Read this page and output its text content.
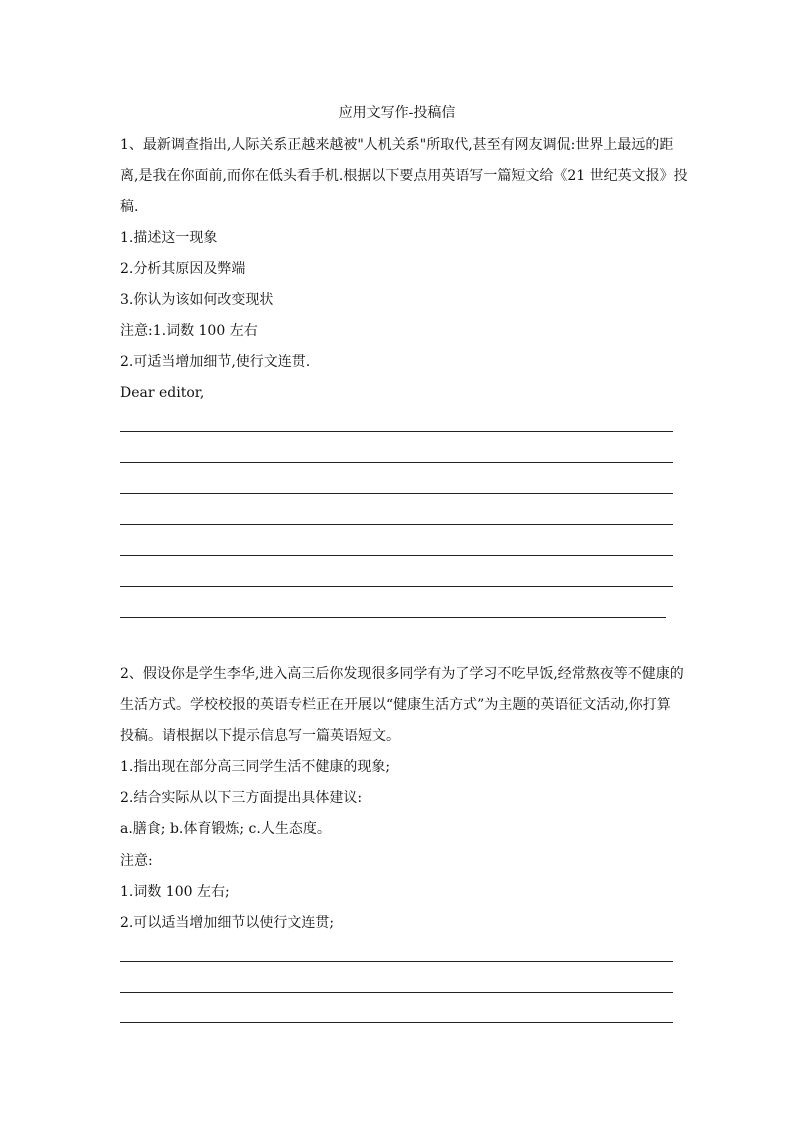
应用文写作-投稿信
1、最新调查指出,人际关系正越来越被"人机关系"所取代,甚至有网友调侃:世界上最远的距
离,是我在你面前,而你在低头看手机.根据以下要点用英语写一篇短文给《21 世纪英文报》投
稿.
1.描述这一现象
2.分析其原因及弊端
3.你认为该如何改变现状
注意:1.词数 100 左右
2.可适当增加细节,使行文连贯.
Dear editor,
2、假设你是学生李华,进入高三后你发现很多同学有为了学习不吃早饭,经常熬夜等不健康的
生活方式。学校校报的英语专栏正在开展以“健康生活方式”为主题的英语征文活动,你打算
投稿。请根据以下提示信息写一篇英语短文。
1.指出现在部分高三同学生活不健康的现象;
2.结合实际从以下三方面提出具体建议:
a.膳食; b.体育锻炼; c.人生态度。
注意:
1.词数 100 左右;
2.可以适当增加细节以使行文连贯;
